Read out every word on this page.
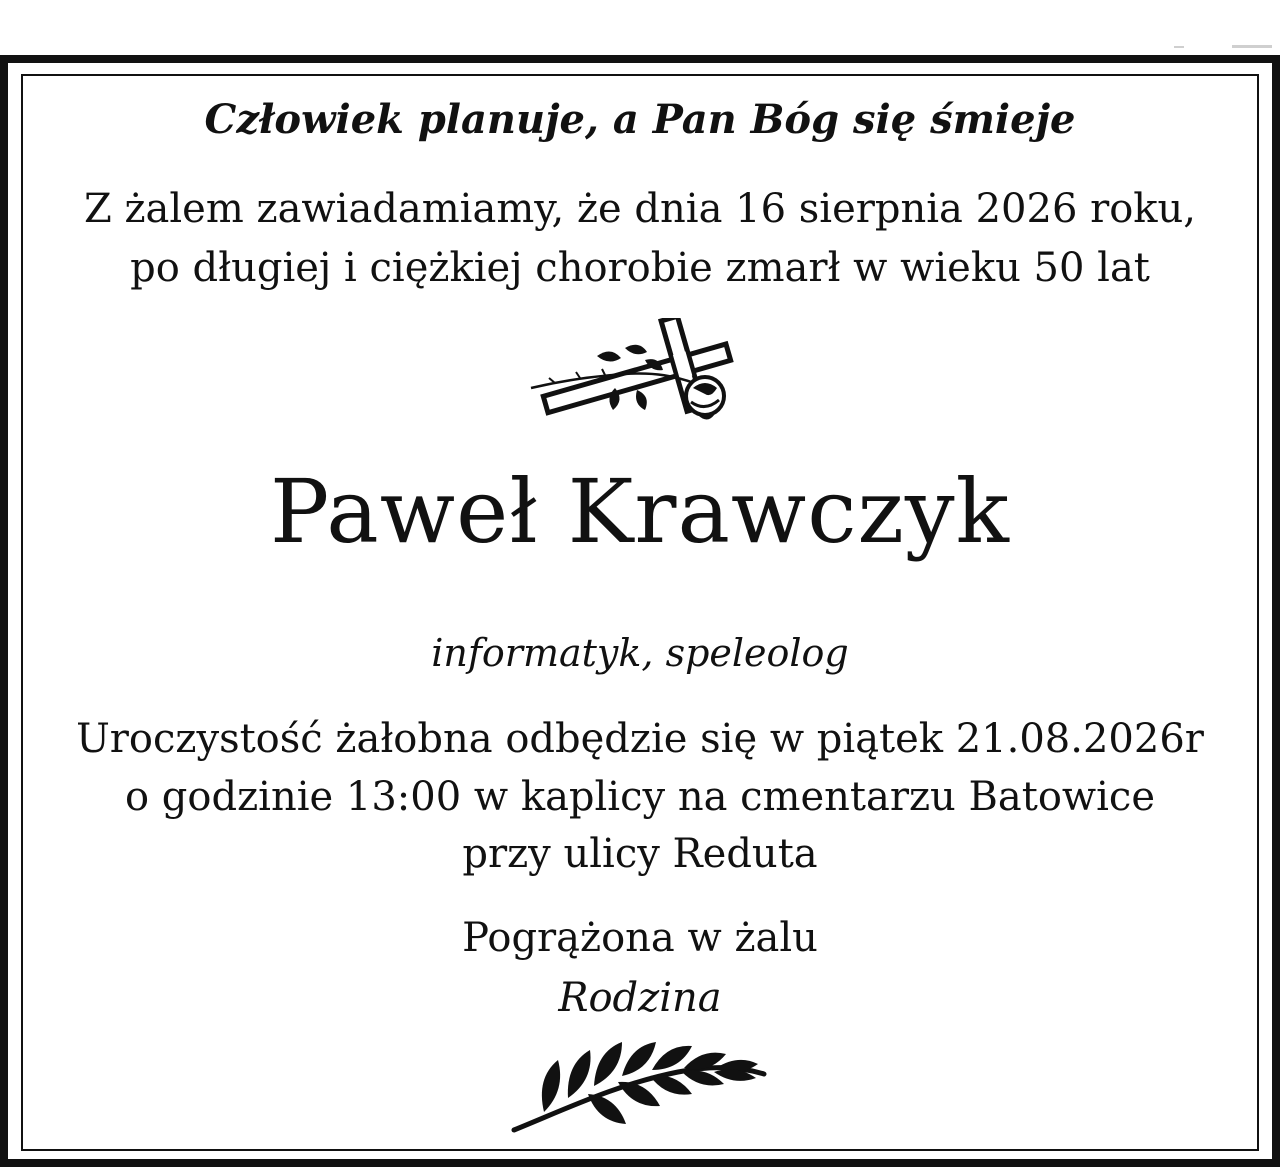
Człowiek planuje, a Pan Bóg się śmieje
Z żalem zawiadamiamy, że dnia 16 sierpnia 2026 roku,
po długiej i ciężkiej chorobie zmarł w wieku 50 lat
Paweł Krawczyk
informatyk, speleolog
Uroczystość żałobna odbędzie się w piątek 21.08.2026r
o godzinie 13:00 w kaplicy na cmentarzu Batowice
przy ulicy Reduta
Pogrążona w żalu
Rodzina
